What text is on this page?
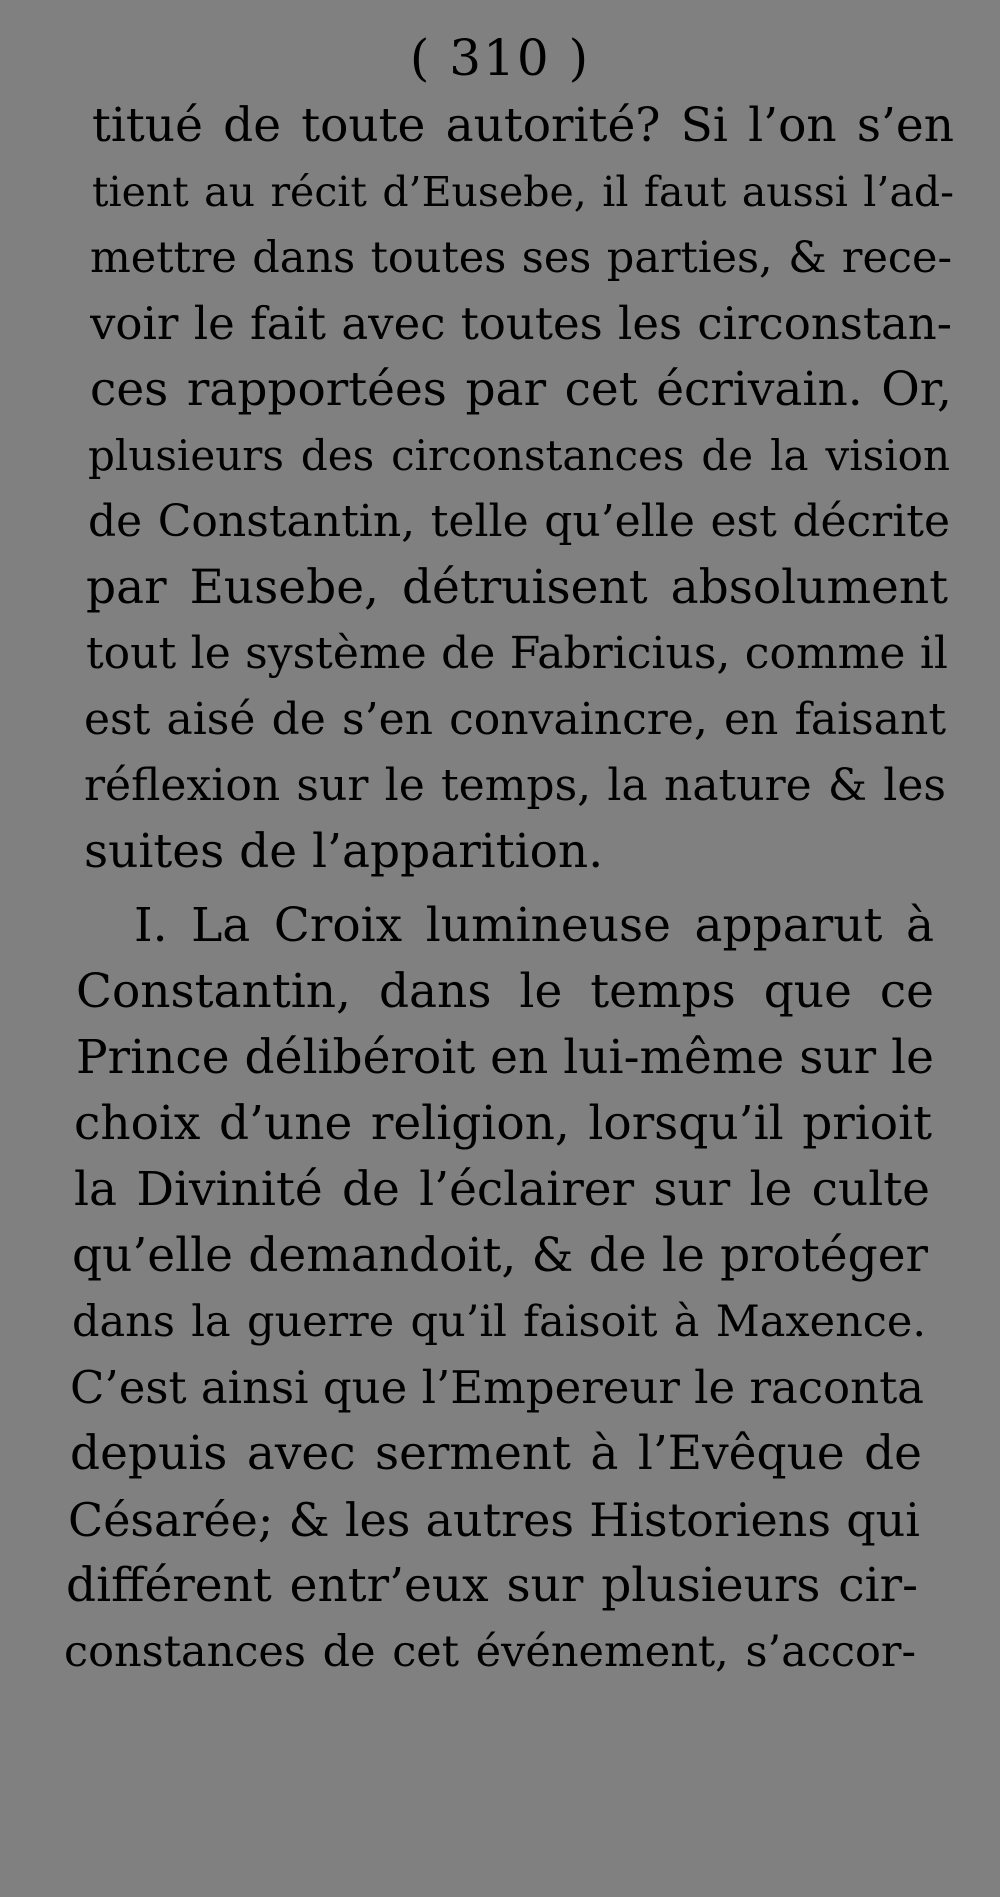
( 310 )
titué de toute autorité? Si l’on s’en
tient au récit d’Eusebe, il faut aussi l’ad-
mettre dans toutes ses parties, & rece-
voir le fait avec toutes les circonstan-
ces rapportées par cet écrivain. Or,
plusieurs des circonstances de la vision
de Constantin, telle qu’elle est décrite
par Eusebe, détruisent absolument
tout le système de Fabricius, comme il
est aisé de s’en convaincre, en faisant
réflexion sur le temps, la nature & les
suites de l’apparition.
I. La Croix lumineuse apparut à
Constantin, dans le temps que ce
Prince délibéroit en lui-même sur le
choix d’une religion, lorsqu’il prioit
la Divinité de l’éclairer sur le culte
qu’elle demandoit, & de le protéger
dans la guerre qu’il faisoit à Maxence.
C’est ainsi que l’Empereur le raconta
depuis avec serment à l’Evêque de
Césarée; & les autres Historiens qui
différent entr’eux sur plusieurs cir-
constances de cet événement, s’accor-
